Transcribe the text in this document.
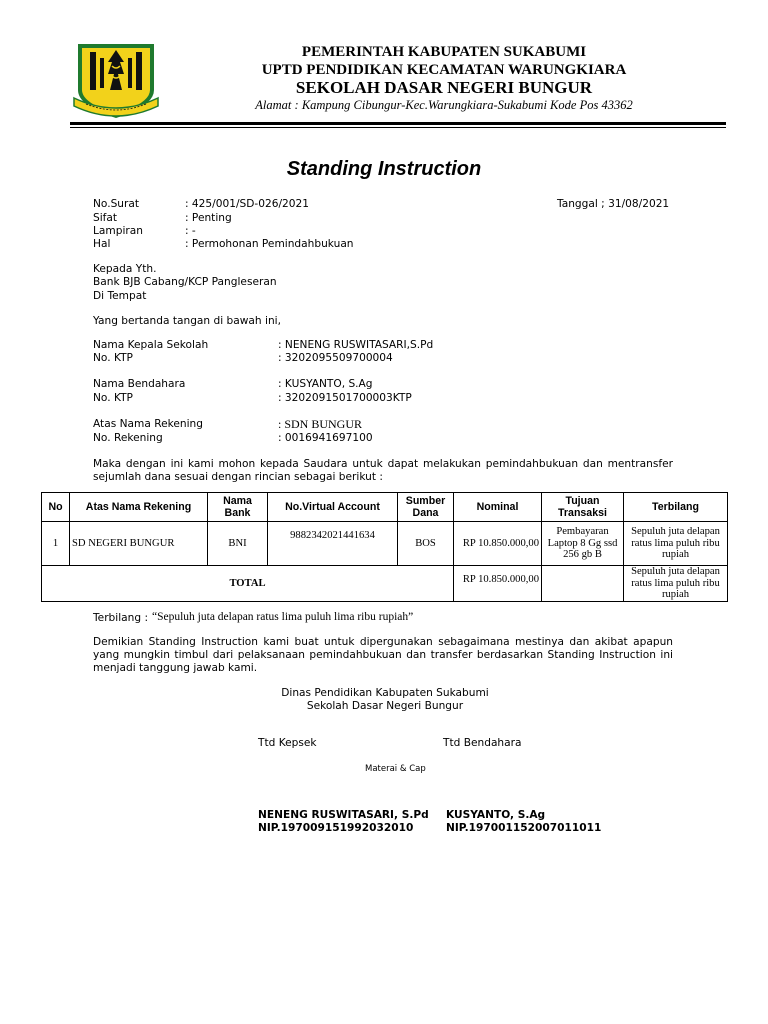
PEMERINTAH KABUPATEN SUKABUMI
UPTD PENDIDIKAN KECAMATAN WARUNGKIARA
SEKOLAH DASAR NEGERI BUNGUR
Alamat : Kampung Cibungur-Kec.Warungkiara-Sukabumi Kode Pos 43362
Standing Instruction
No.Surat	: 425/001/SD-026/2021	Tanggal ; 31/08/2021
Sifat	: Penting
Lampiran	: -
Hal	: Permohonan Pemindahbukuan
Kepada Yth.
Bank BJB Cabang/KCP Pangleseran
Di Tempat
Yang bertanda tangan di bawah ini,
Nama Kepala Sekolah	: NENENG RUSWITASARI,S.Pd
No. KTP	: 3202095509700004
Nama Bendahara	: KUSYANTO, S.Ag
No. KTP	: 3202091501700003KTP
Atas Nama Rekening	: SDN BUNGUR
No. Rekening	: 0016941697100
Maka dengan ini kami mohon kepada Saudara untuk dapat melakukan pemindahbukuan dan mentransfer sejumlah dana sesuai dengan rincian sebagai berikut :
No	Atas Nama Rekening	Nama Bank	No.Virtual Account	Sumber Dana	Nominal	Tujuan Transaksi	Terbilang
1	SD NEGERI BUNGUR	BNI	9882342021441634	BOS	RP 10.850.000,00	Pembayaran Laptop 8 Gg ssd 256 gb B	Sepuluh juta delapan ratus lima puluh ribu rupiah
TOTAL					RP 10.850.000,00		Sepuluh juta delapan ratus lima puluh ribu rupiah
Terbilang : “Sepuluh juta delapan ratus lima puluh lima ribu rupiah”
Demikian Standing Instruction kami buat untuk dipergunakan sebagaimana mestinya dan akibat apapun yang mungkin timbul dari pelaksanaan pemindahbukuan dan transfer berdasarkan Standing Instruction ini menjadi tanggung jawab kami.
Dinas Pendidikan Kabupaten Sukabumi
Sekolah Dasar Negeri Bungur
Ttd Kepsek	Ttd Bendahara
Materai & Cap
NENENG RUSWITASARI, S.Pd
NIP.197009151992032010
KUSYANTO, S.Ag
NIP.197001152007011011
